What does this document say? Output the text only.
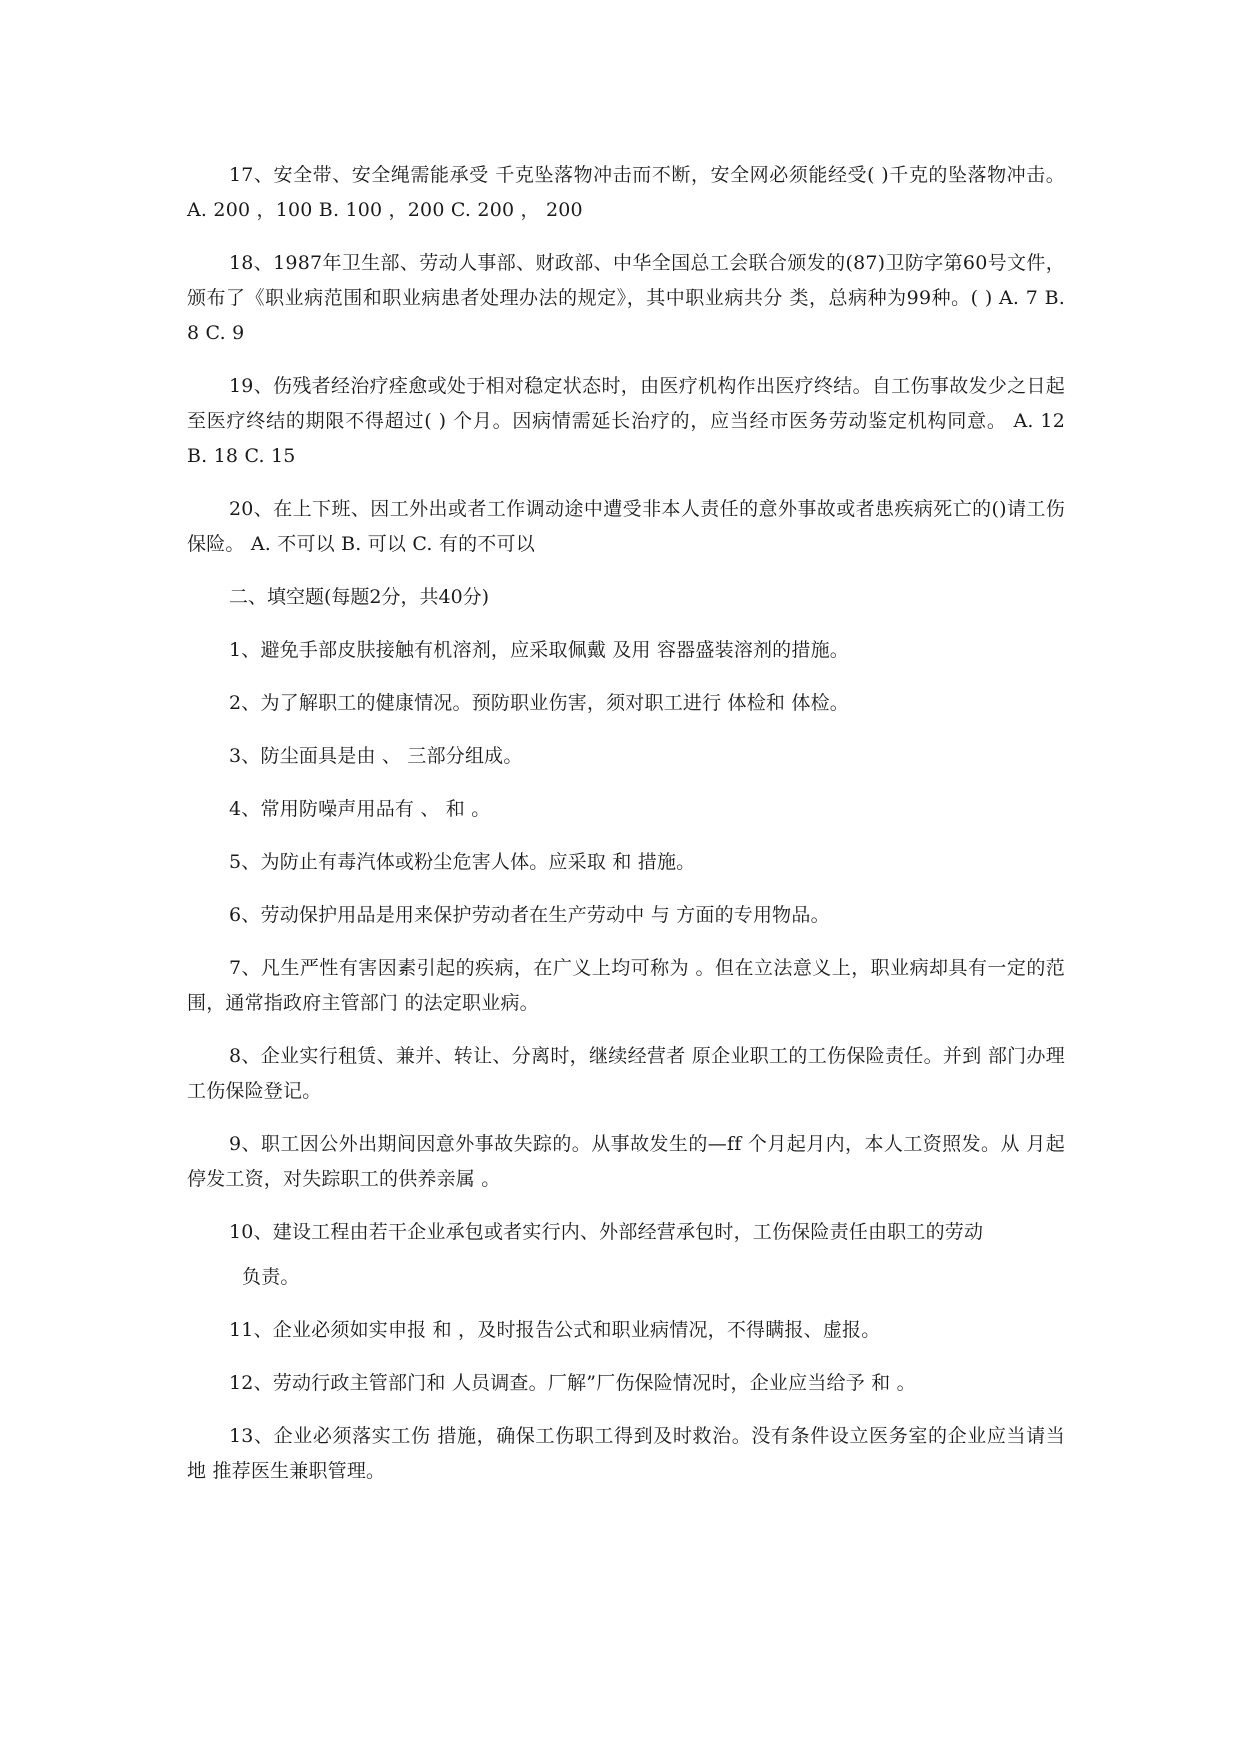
17、安全带、安全绳需能承受 千克坠落物冲击而不断，安全网必须能经受( )千克的坠落物冲击。 A. 200 ，100 B. 100 ，200 C. 200 ， 200

18、1987年卫生部、劳动人事部、财政部、中华全国总工会联合颁发的(87)卫防字第60号文件，颁布了《职业病范围和职业病患者处理办法的规定》，其中职业病共分 类，总病种为99种。( ) A. 7 B. 8 C. 9

19、伤残者经治疗痊愈或处于相对稳定状态时，由医疗机构作出医疗终结。自工伤事故发少之日起至医疗终结的期限不得超过( ) 个月。因病情需延长治疗的，应当经市医务劳动鉴定机构同意。 A. 12 B. 18 C. 15

20、在上下班、因工外出或者工作调动途中遭受非本人责任的意外事故或者患疾病死亡的()请工伤保险。 A. 不可以 B. 可以 C. 有的不可以

二、填空题(每题2分，共40分)

1、避免手部皮肤接触有机溶剂，应采取佩戴 及用 容器盛装溶剂的措施。

2、为了解职工的健康情况。预防职业伤害，须对职工进行 体检和 体检。

3、防尘面具是由 、 三部分组成。

4、常用防噪声用品有 、 和 。

5、为防止有毒汽体或粉尘危害人体。应采取 和 措施。

6、劳动保护用品是用来保护劳动者在生产劳动中 与 方面的专用物品。

7、凡生严性有害因素引起的疾病，在广义上均可称为 。但在立法意义上，职业病却具有一定的范围，通常指政府主管部门 的法定职业病。

8、企业实行租赁、兼并、转让、分离时，继续经营者 原企业职工的工伤保险责任。并到 部门办理工伤保险登记。

9、职工因公外出期间因意外事故失踪的。从事故发生的—ff 个月起月内，本人工资照发。从 月起停发工资，对失踪职工的供养亲属 。

10、建设工程由若干企业承包或者实行内、外部经营承包时，工伤保险责任由职工的劳动

负责。

11、企业必须如实申报 和 ，及时报告公式和职业病情况，不得瞒报、虚报。

12、劳动行政主管部门和 人员调查。厂解”厂伤保险情况时，企业应当给予 和 。

13、企业必须落实工伤 措施，确保工伤职工得到及时救治。没有条件设立医务室的企业应当请当地 推荐医生兼职管理。
